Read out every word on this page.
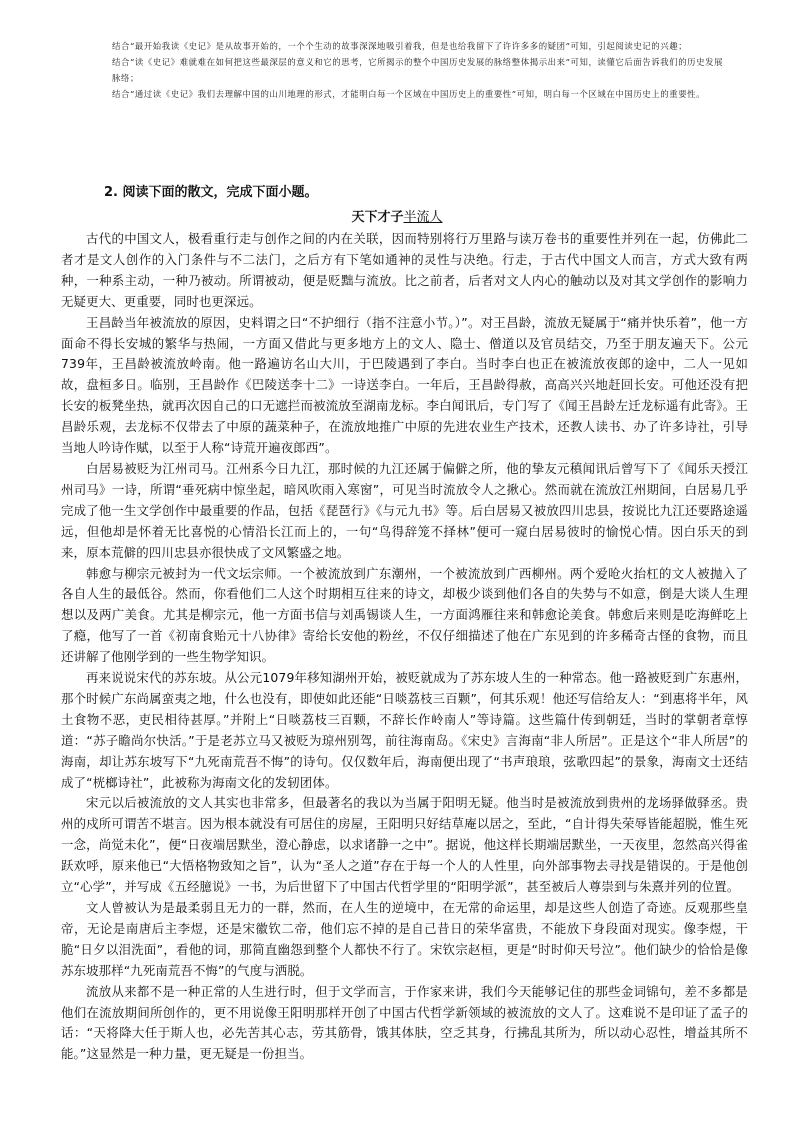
结合“最开始我读《史记》是从故事开始的，一个个生动的故事深深地吸引着我，但是也给我留下了许许多多的疑团”可知，引起阅读史记的兴趣；

结合“读《史记》难就难在如何把这些最深层的意义和它的思考，它所揭示的整个中国历史发展的脉络整体揭示出来”可知，读懂它后面告诉我们的历史发展脉络；

结合“通过读《史记》我们去理解中国的山川地理的形式，才能明白每一个区域在中国历史上的重要性”可知，明白每一个区域在中国历史上的重要性。

2. 阅读下面的散文，完成下面小题。
天下才子半流人

古代的中国文人，极看重行走与创作之间的内在关联，因而特别将行万里路与读万卷书的重要性并列在一起，仿佛此二者才是文人创作的入门条件与不二法门，之后方有下笔如通神的灵性与决绝。行走，于古代中国文人而言，方式大致有两种，一种系主动，一种乃被动。所谓被动，便是贬黜与流放。比之前者，后者对文人内心的触动以及对其文学创作的影响力无疑更大、更重要，同时也更深远。

王昌龄当年被流放的原因，史料谓之曰“不护细行（指不注意小节。）”。对王昌龄，流放无疑属于“痛并快乐着”，他一方面命不得长安城的繁华与热闹，一方面又借此与更多地方上的文人、隐士、僧道以及官员结交，乃至于朋友遍天下。公元739年，王昌龄被流放岭南。他一路遍访名山大川，于巴陵遇到了李白。当时李白也正在被流放夜郎的途中，二人一见如故，盘桓多日。临别，王昌龄作《巴陵送李十二》一诗送李白。一年后，王昌龄得赦，高高兴兴地赶回长安。可他还没有把长安的板凳坐热，就再次因自己的口无遮拦而被流放至湖南龙标。李白闻讯后，专门写了《闻王昌龄左迁龙标遥有此寄》。王昌龄乐观，去龙标不仅带去了中原的蔬菜种子，在流放地推广中原的先进农业生产技术，还教人读书、办了许多诗社，引导当地人吟诗作赋，以至于人称“诗荒开遍夜郎西”。

白居易被贬为江州司马。江州系今日九江，那时候的九江还属于偏僻之所，他的挚友元稹闻讯后曾写下了《闻乐天授江州司马》一诗，所谓“垂死病中惊坐起，暗风吹雨入寒窗”，可见当时流放令人之揪心。然而就在流放江州期间，白居易几乎完成了他一生文学创作中最重要的作品，包括《琵琶行》《与元九书》等。后白居易又被放四川忠县，按说比九江还要路途遥远，但他却是怀着无比喜悦的心情沿长江而上的，一句“鸟得辞笼不择林”便可一窥白居易彼时的愉悦心情。因白乐天的到来，原本荒僻的四川忠县亦很快成了文风繁盛之地。

韩愈与柳宗元被封为一代文坛宗师。一个被流放到广东潮州，一个被流放到广西柳州。两个爱呛火抬杠的文人被抛入了各自人生的最低谷。然而，你看他们二人这个时期相互往来的诗文，却极少谈到他们各自的失势与不如意，倒是大谈人生理想以及两广美食。尤其是柳宗元，他一方面书信与刘禹锡谈人生，一方面鸿雁往来和韩愈论美食。韩愈后来则是吃海鲜吃上了瘾，他写了一首《初南食贻元十八协律》寄给长安他的粉丝，不仅仔细描述了他在广东见到的许多稀奇古怪的食物，而且还讲解了他刚学到的一些生物学知识。

再来说说宋代的苏东坡。从公元1079年移知湖州开始，被贬就成为了苏东坡人生的一种常态。他一路被贬到广东惠州，那个时候广东尚属蛮夷之地，什么也没有，即使如此还能“日啖荔枝三百颗”，何其乐观！他还写信给友人：“到惠将半年，风土食物不恶，吏民相待甚厚。”并附上“日啖荔枝三百颗，不辞长作岭南人”等诗篇。这些篇什传到朝廷，当时的掌朝者章惇道：“苏子瞻尚尔快活。”于是老苏立马又被贬为琼州别驾，前往海南岛。《宋史》言海南“非人所居”。正是这个“非人所居”的海南，却让苏东坡写下“九死南荒吾不悔”的诗句。仅仅数年后，海南便出现了“书声琅琅，弦歌四起”的景象，海南文士还结成了“桄榔诗社”，此被称为海南文化的发轫团体。

宋元以后被流放的文人其实也非常多，但最著名的我以为当属于阳明无疑。他当时是被流放到贵州的龙场驿做驿丞。贵州的戍所可谓苦不堪言。因为根本就没有可居住的房屋，王阳明只好结草庵以居之，至此，“自计得失荣辱皆能超脱，惟生死一念，尚觉未化”，便“日夜端居默坐，澄心静虑，以求诸静一之中”。据说，他这样长期端居默坐，一天夜里，忽然高兴得雀跃欢呼，原来他已“大悟格物致知之旨”，认为“圣人之道”存在于每一个人的人性里，向外部事物去寻找是错误的。于是他创立“心学”，并写成《五经臆说》一书，为后世留下了中国古代哲学里的“阳明学派”，甚至被后人尊崇到与朱熹并列的位置。

文人曾被认为是最柔弱且无力的一群，然而，在人生的逆境中，在无常的命运里，却是这些人创造了奇迹。反观那些皇帝，无论是南唐后主李煜，还是宋徽钦二帝，他们忘不掉的是自己昔日的荣华富贵，不能放下身段面对现实。像李煜，干脆“日夕以泪洗面”，看他的词，那简直幽怨到整个人都快不行了。宋钦宗赵桓，更是“时时仰天号泣”。他们缺少的恰恰是像苏东坡那样“九死南荒吾不悔”的气度与洒脱。

流放从来都不是一种正常的人生进行时，但于文学而言，于作家来讲，我们今天能够记住的那些金词锦句，差不多都是他们在流放期间所创作的，更不用说像王阳明那样开创了中国古代哲学新领域的被流放的文人了。这难说不是印证了孟子的话：“天将降大任于斯人也，必先苦其心志，劳其筋骨，饿其体肤，空乏其身，行拂乱其所为，所以动心忍性，增益其所不能。”这显然是一种力量，更无疑是一份担当。
